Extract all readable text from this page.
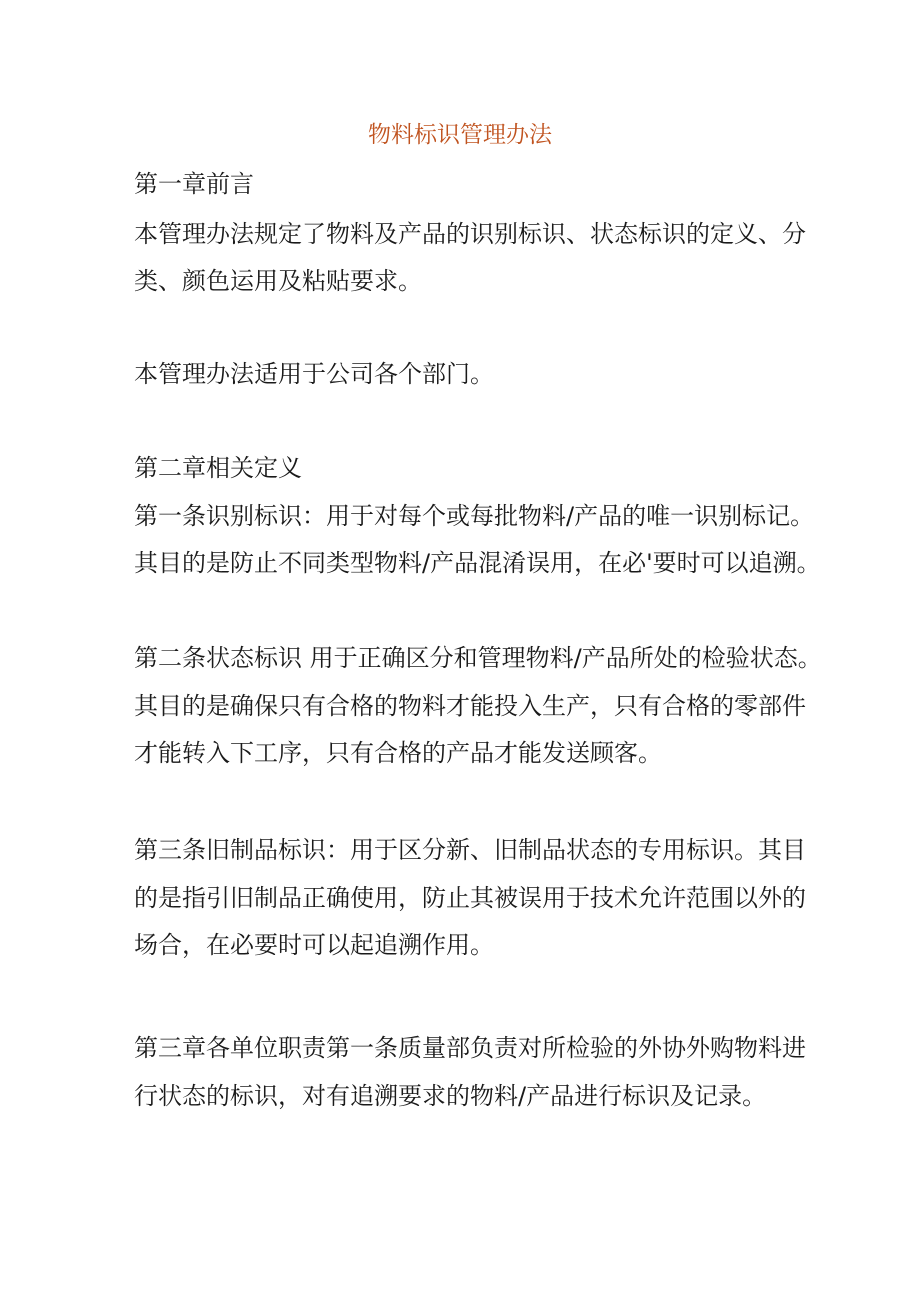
物料标识管理办法

第一章前言

本管理办法规定了物料及产品的识别标识、状态标识的定义、分

类、颜色运用及粘贴要求。

本管理办法适用于公司各个部门。

第二章相关定义

第一条识别标识：用于对每个或每批物料/产品的唯一识别标记。

其目的是防止不同类型物料/产品混淆误用，在必'要时可以追溯。

第二条状态标识 用于正确区分和管理物料/产品所处的检验状态。

其目的是确保只有合格的物料才能投入生产，只有合格的零部件

才能转入下工序，只有合格的产品才能发送顾客。

第三条旧制品标识：用于区分新、旧制品状态的专用标识。其目

的是指引旧制品正确使用，防止其被误用于技术允许范围以外的

场合，在必要时可以起追溯作用。

第三章各单位职责第一条质量部负责对所检验的外协外购物料进

行状态的标识，对有追溯要求的物料/产品进行标识及记录。
